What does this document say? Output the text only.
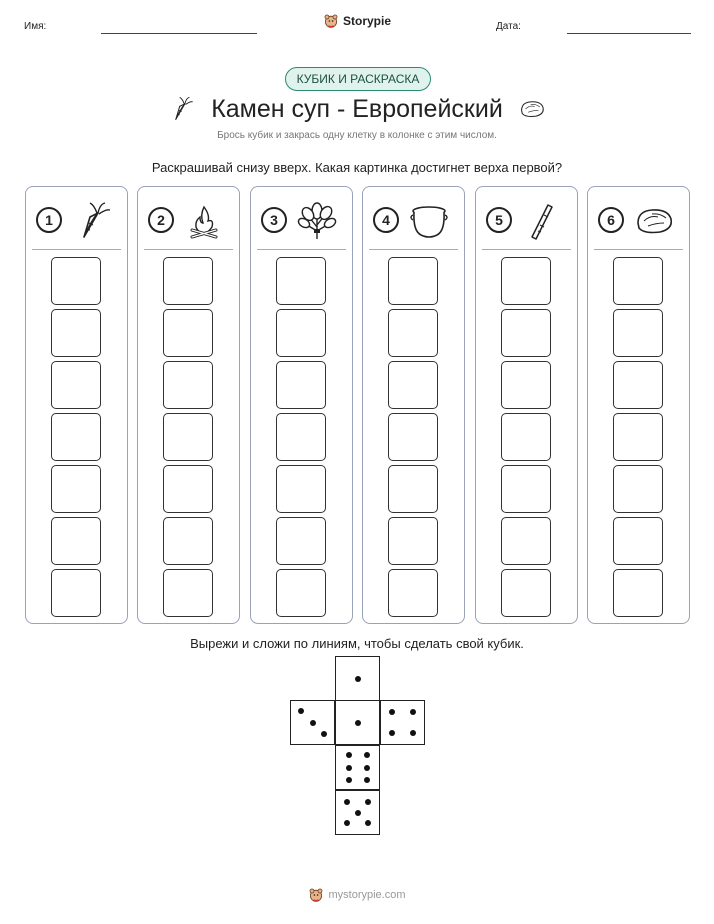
Имя:	Storypie	Дата:
КУБИК И РАСКРАСКА
Камен суп - Европейский
Брось кубик и закрась одну клетку в колонке с этим числом.
Раскрашивай снизу вверх. Какая картинка достигнет верха первой?
1	2	3	4	5	6
Вырежи и сложи по линиям, чтобы сделать свой кубик.
mystorypie.com
